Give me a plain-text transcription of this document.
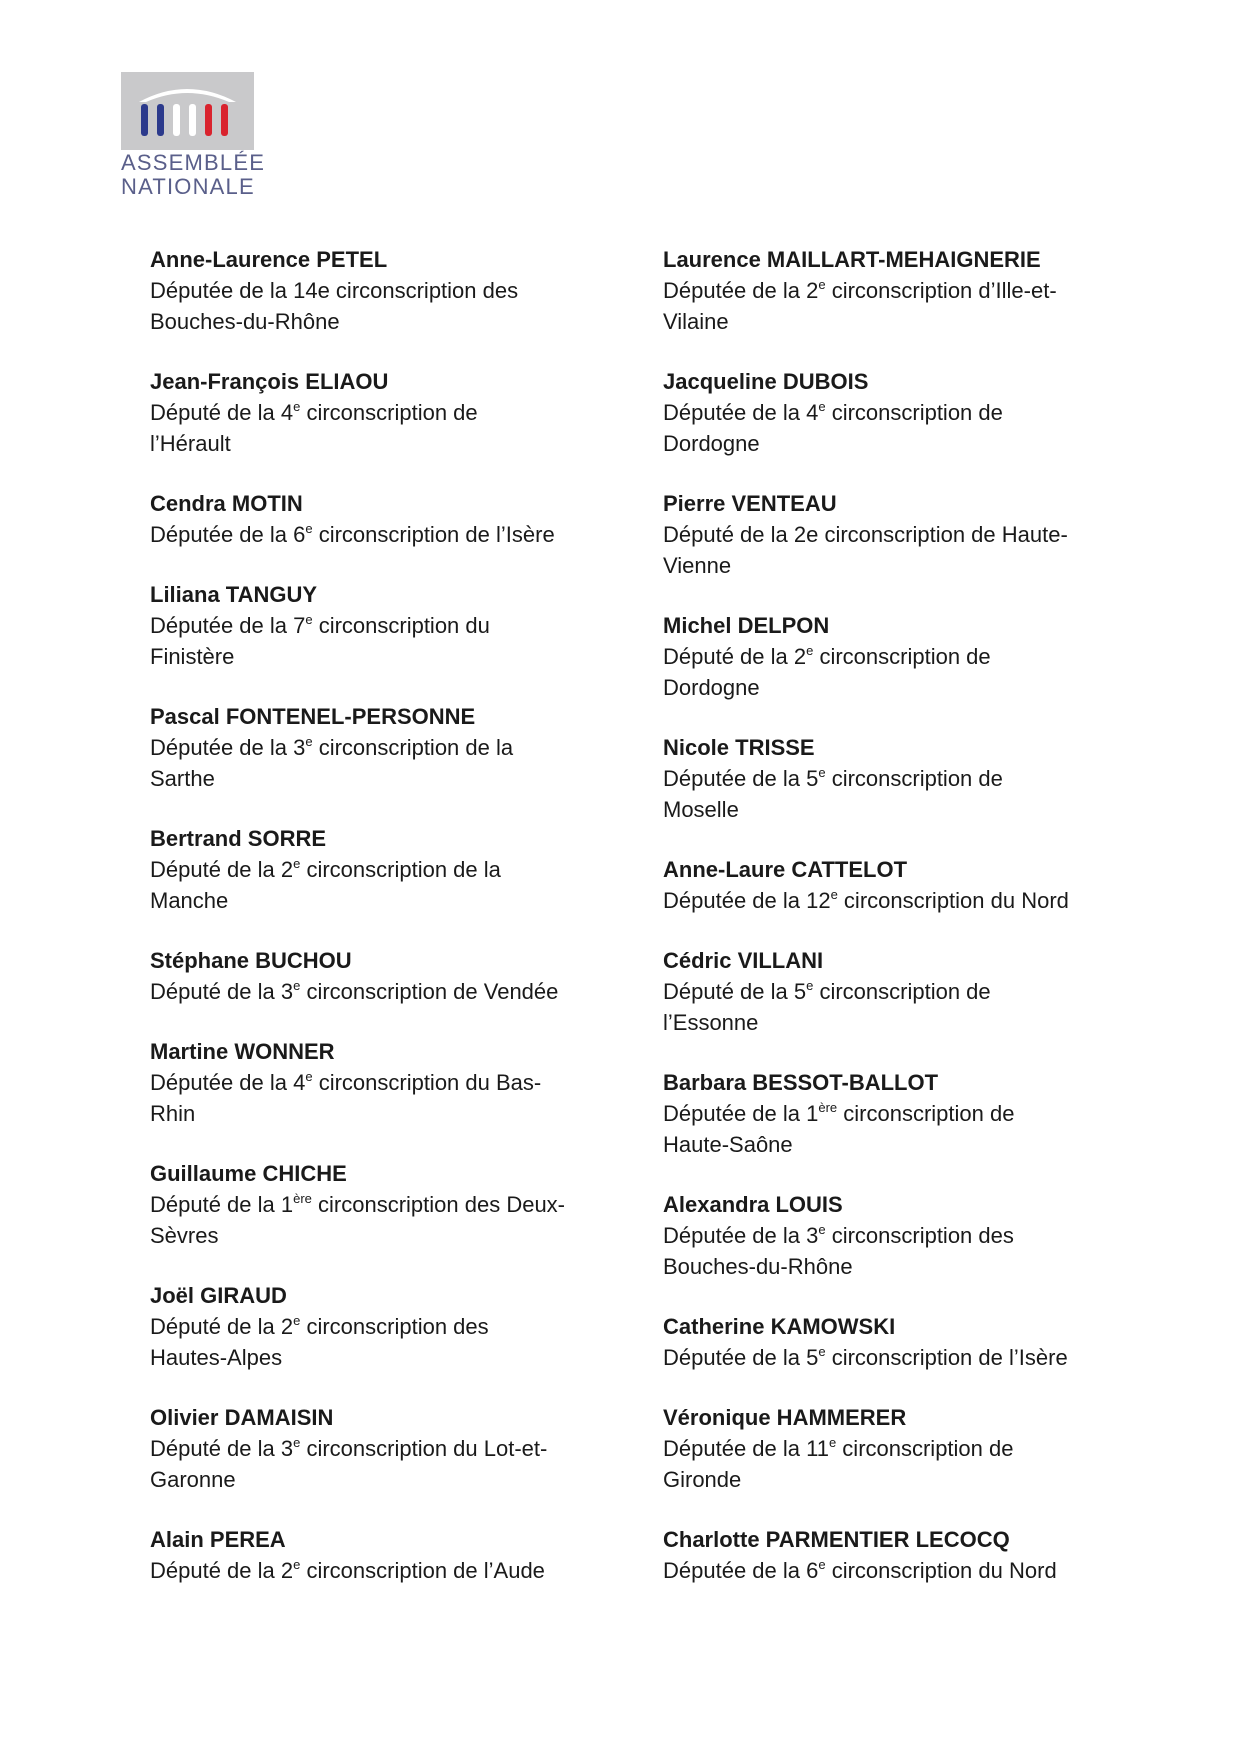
ASSEMBLÉE
NATIONALE
Anne-Laurence PETEL
Députée de la 14e circonscription des
Bouches-du-Rhône
Jean-François ELIAOU
Député de la 4e circonscription de
l’Hérault
Cendra MOTIN
Députée de la 6e circonscription de l’Isère
Liliana TANGUY
Députée de la 7e circonscription du
Finistère
Pascal FONTENEL-PERSONNE
Députée de la 3e circonscription de la
Sarthe
Bertrand SORRE
Député de la 2e circonscription de la
Manche
Stéphane BUCHOU
Député de la 3e circonscription de Vendée
Martine WONNER
Députée de la 4e circonscription du Bas-
Rhin
Guillaume CHICHE
Député de la 1ère circonscription des Deux-
Sèvres
Joël GIRAUD
Député de la 2e circonscription des
Hautes-Alpes
Olivier DAMAISIN
Député de la 3e circonscription du Lot-et-
Garonne
Alain PEREA
Député de la 2e circonscription de l’Aude
Laurence MAILLART-MEHAIGNERIE
Députée de la 2e circonscription d’Ille-et-
Vilaine
Jacqueline DUBOIS
Députée de la 4e circonscription de
Dordogne
Pierre VENTEAU
Député de la 2e circonscription de Haute-
Vienne
Michel DELPON
Député de la 2e circonscription de
Dordogne
Nicole TRISSE
Députée de la 5e circonscription de
Moselle
Anne-Laure CATTELOT
Députée de la 12e circonscription du Nord
Cédric VILLANI
Député de la 5e circonscription de
l’Essonne
Barbara BESSOT-BALLOT
Députée de la 1ère circonscription de
Haute-Saône
Alexandra LOUIS
Députée de la 3e circonscription des
Bouches-du-Rhône
Catherine KAMOWSKI
Députée de la 5e circonscription de l’Isère
Véronique HAMMERER
Députée de la 11e circonscription de
Gironde
Charlotte PARMENTIER LECOCQ
Députée de la 6e circonscription du Nord
